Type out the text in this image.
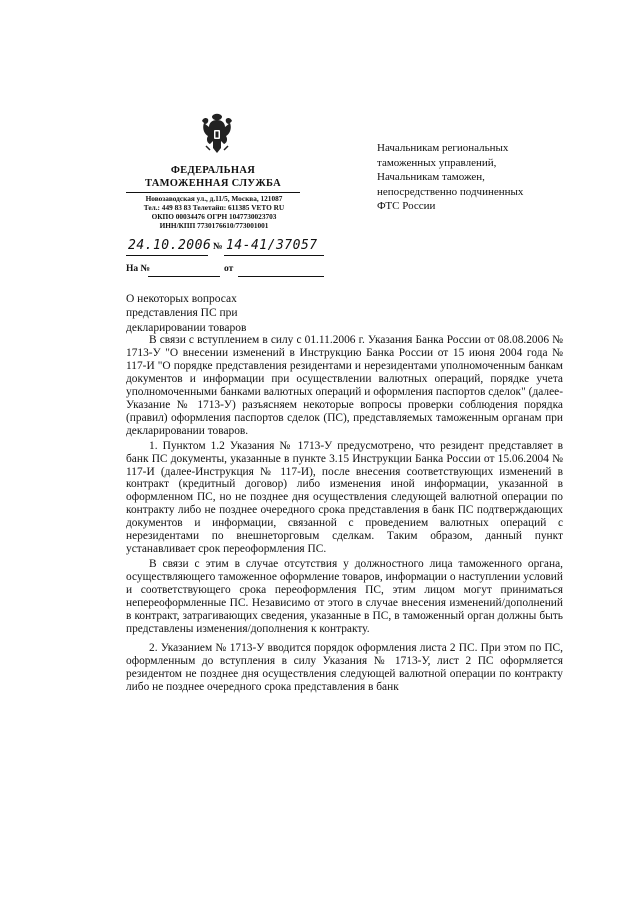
ФЕДЕРАЛЬНАЯ
ТАМОЖЕННАЯ СЛУЖБА
Новозаводская ул., д.11/5, Москва, 121087
Тел.: 449 83 83 Телетайп: 611385 VETO RU
ОКПО 00034476 ОГРН 1047730023703
ИНН/КПП 7730176610/773001001
24.10.2006 № 14-41/37057
На №	от
Начальникам региональных
таможенных управлений,
Начальникам таможен,
непосредственно подчиненных
ФТС России
О некоторых вопросах
представления ПС при
декларировании товаров

В связи с вступлением в силу с 01.11.2006 г. Указания Банка России от 08.08.2006 № 1713-У "О внесении изменений в Инструкцию Банка России от 15 июня 2004 года № 117-И "О порядке представления резидентами и нерезидентами уполномоченным банкам документов и информации при осуществлении валютных операций, порядке учета уполномоченными банками валютных операций и оформления паспортов сделок" (далее-Указание № 1713-У) разъясняем некоторые вопросы проверки соблюдения порядка (правил) оформления паспортов сделок (ПС), представляемых таможенным органам при декларировании товаров.

1. Пунктом 1.2 Указания № 1713-У предусмотрено, что резидент представляет в банк ПС документы, указанные в пункте 3.15 Инструкции Банка России от 15.06.2004 № 117-И (далее-Инструкция № 117-И), после внесения соответствующих изменений в контракт (кредитный договор) либо изменения иной информации, указанной в оформленном ПС, но не позднее дня осуществления следующей валютной операции по контракту либо не позднее очередного срока представления в банк ПС подтверждающих документов и информации, связанной с проведением валютных операций с нерезидентами по внешнеторговым сделкам. Таким образом, данный пункт устанавливает срок переоформления ПС.

В связи с этим в случае отсутствия у должностного лица таможенного органа, осуществляющего таможенное оформление товаров, информации о наступлении условий и соответствующего срока переоформления ПС, этим лицом могут приниматься непереоформленные ПС. Независимо от этого в случае внесения изменений/дополнений в контракт, затрагивающих сведения, указанные в ПС, в таможенный орган должны быть представлены изменения/дополнения к контракту.

2. Указанием № 1713-У вводится порядок оформления листа 2 ПС. При этом по ПС, оформленным до вступления в силу Указания № 1713-У, лист 2 ПС оформляется резидентом не позднее дня осуществления следующей валютной операции по контракту либо не позднее очередного срока представления в банк
